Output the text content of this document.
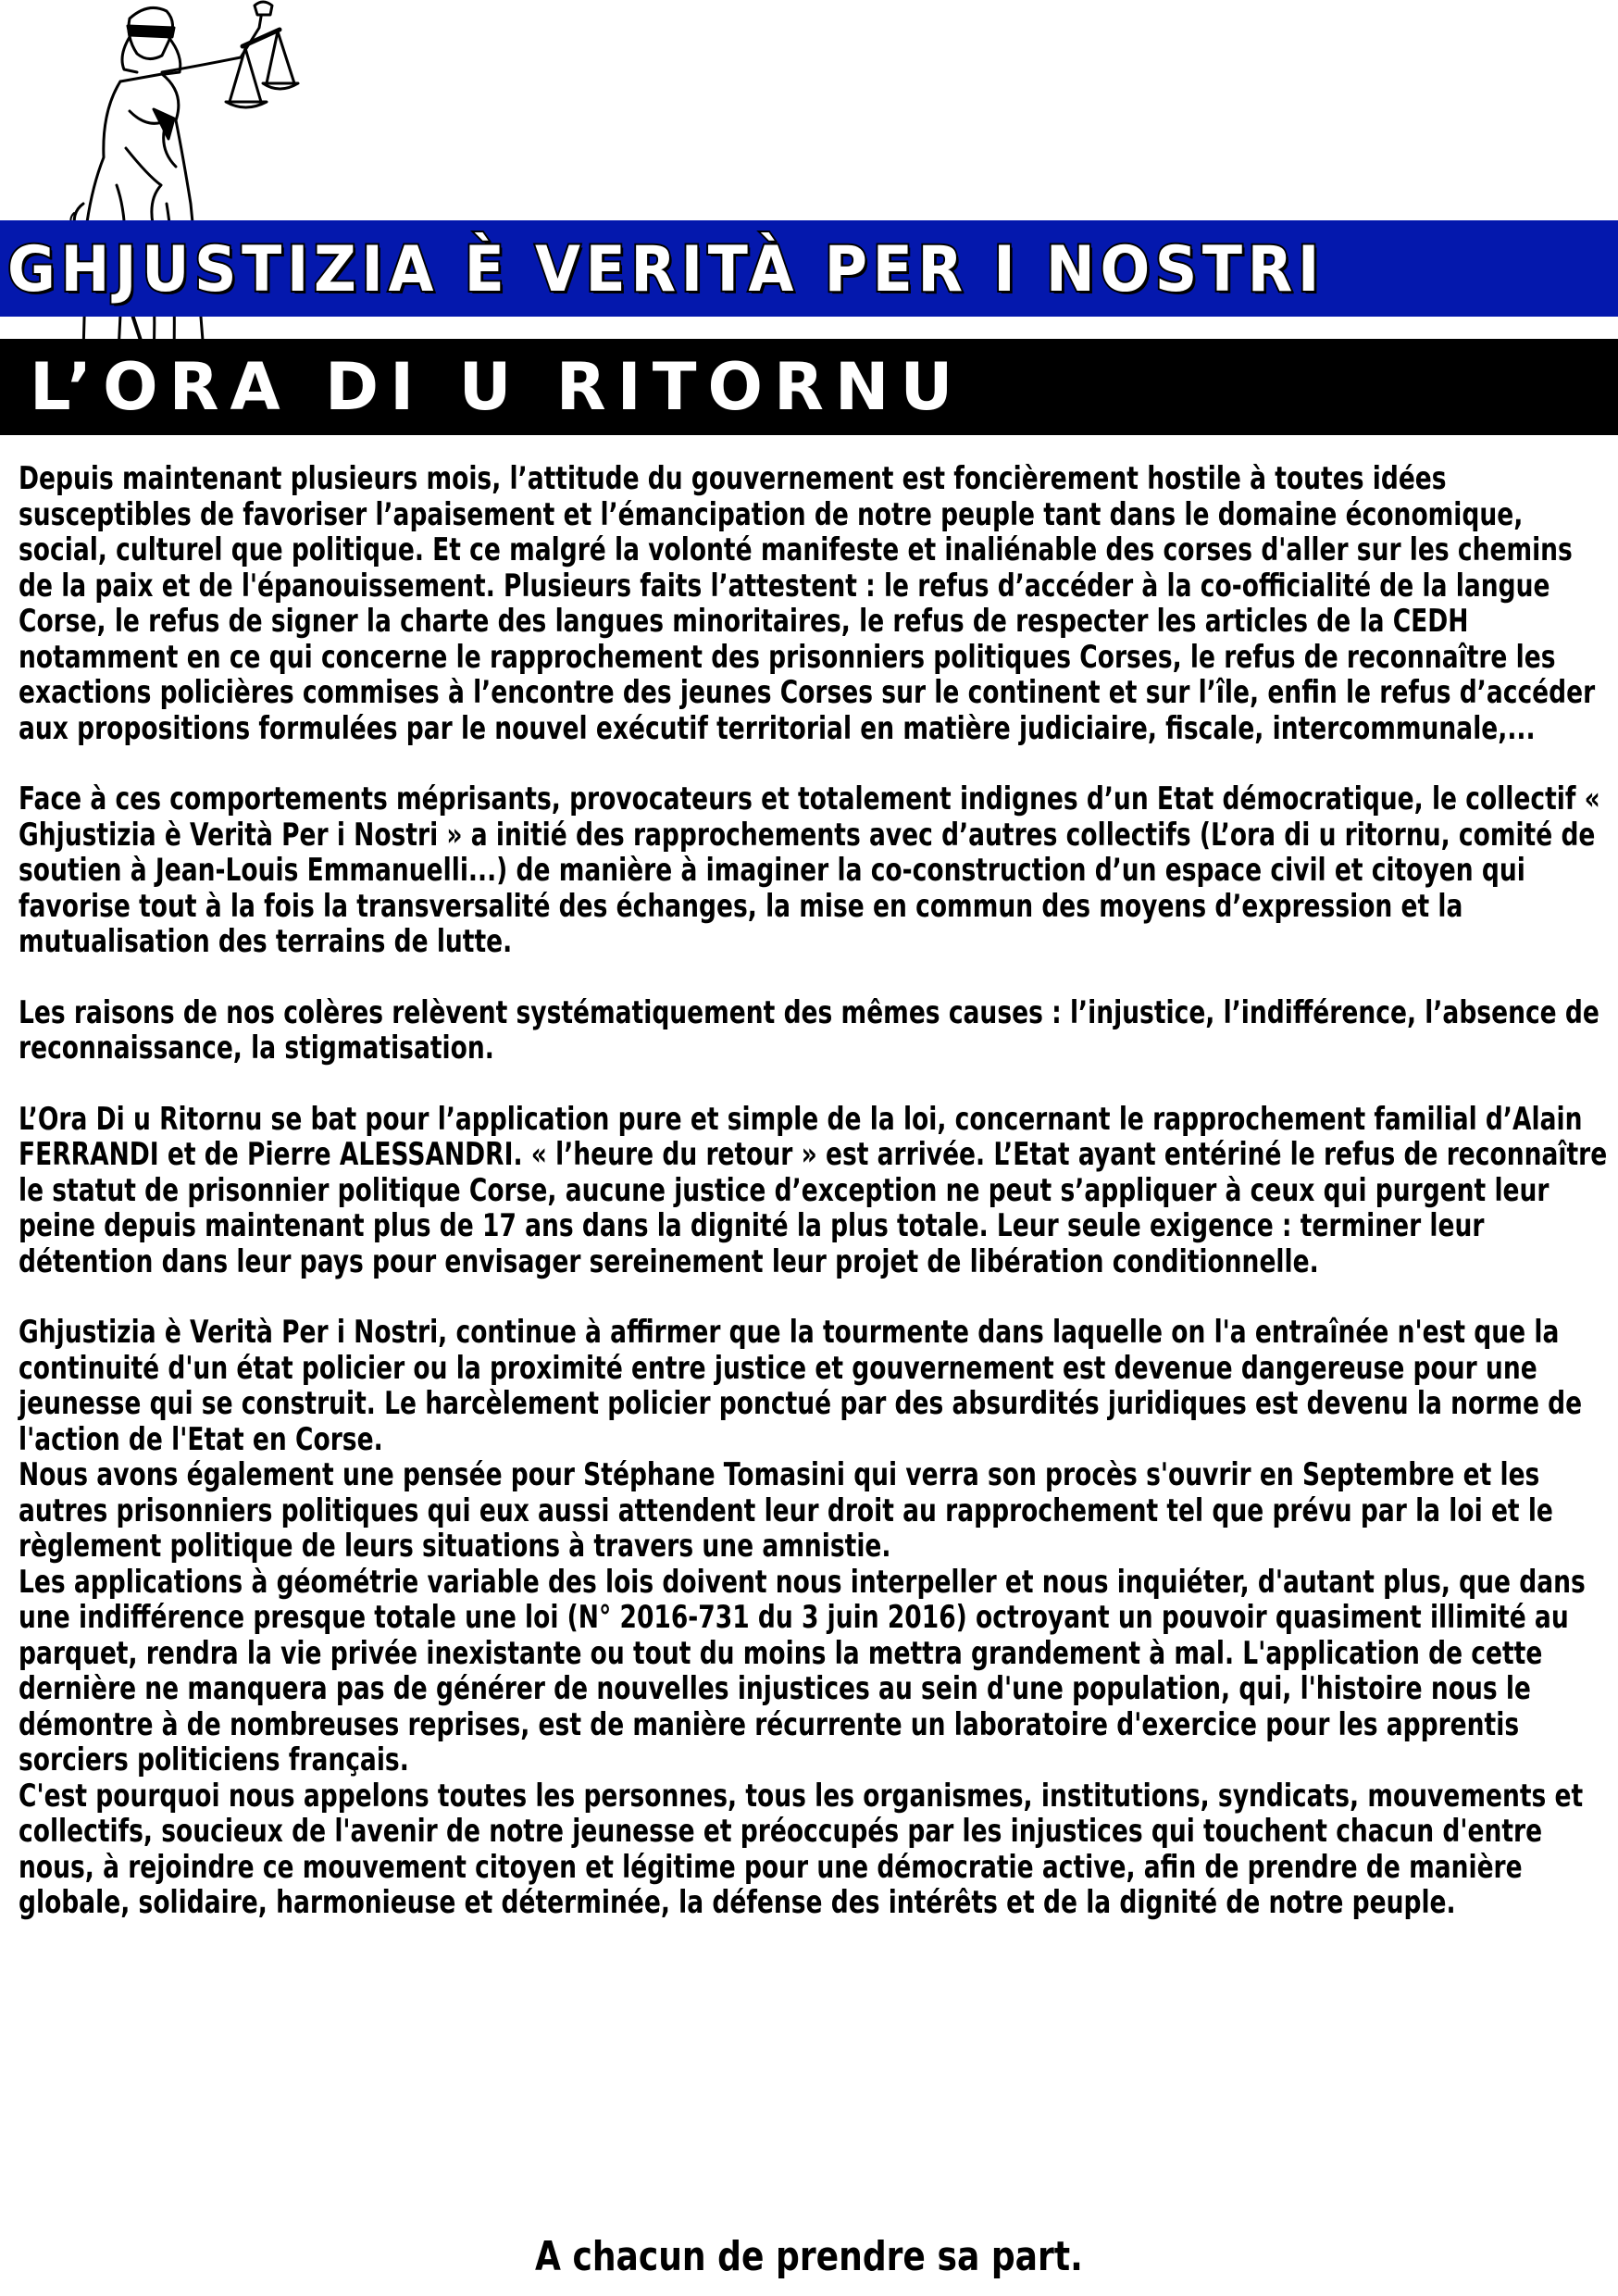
GHJUSTIZIA È VERITÀ PER I NOSTRI
L’ORA DI U RITORNU

Depuis maintenant plusieurs mois, l’attitude du gouvernement est foncièrement hostile à toutes idées susceptibles de favoriser l’apaisement et l’émancipation de notre peuple tant dans le domaine économique, social, culturel que politique. Et ce malgré la volonté manifeste et inaliénable des corses d'aller sur les chemins de la paix et de l'épanouissement. Plusieurs faits l’attestent : le refus d’accéder à la co-officialité de la langue Corse, le refus de signer la charte des langues minoritaires, le refus de respecter les articles de la CEDH notamment en ce qui concerne le rapprochement des prisonniers politiques Corses, le refus de reconnaître les exactions policières commises à l’encontre des jeunes Corses sur le continent et sur l’île, enfin le refus d’accéder aux propositions formulées par le nouvel exécutif territorial en matière judiciaire, fiscale, intercommunale,...

Face à ces comportements méprisants, provocateurs et totalement indignes d’un Etat démocratique, le collectif « Ghjustizia è Verità Per i Nostri » a initié des rapprochements avec d’autres collectifs (L’ora di u ritornu, comité de soutien à Jean-Louis Emmanuelli...) de manière à imaginer la co-construction d’un espace civil et citoyen qui favorise tout à la fois la transversalité des échanges, la mise en commun des moyens d’expression et la mutualisation des terrains de lutte.

Les raisons de nos colères relèvent systématiquement des mêmes causes : l’injustice, l’indifférence, l’absence de reconnaissance, la stigmatisation.

L’Ora Di u Ritornu se bat pour l’application pure et simple de la loi, concernant le rapprochement familial d’Alain FERRANDI et de Pierre ALESSANDRI. « l’heure du retour » est arrivée. L’Etat ayant entériné le refus de reconnaître le statut de prisonnier politique Corse, aucune justice d’exception ne peut s’appliquer à ceux qui purgent leur peine depuis maintenant plus de 17 ans dans la dignité la plus totale. Leur seule exigence : terminer leur détention dans leur pays pour envisager sereinement leur projet de libération conditionnelle.

Ghjustizia è Verità Per i Nostri, continue à affirmer que la tourmente dans laquelle on l'a entraînée n'est que la continuité d'un état policier ou la proximité entre justice et gouvernement est devenue dangereuse pour une jeunesse qui se construit. Le harcèlement policier ponctué par des absurdités juridiques est devenu la norme de l'action de l'Etat en Corse.

Nous avons également une pensée pour Stéphane Tomasini qui verra son procès s'ouvrir en Septembre et les autres prisonniers politiques qui eux aussi attendent leur droit au rapprochement tel que prévu par la loi et le règlement politique de leurs situations à travers une amnistie.

Les applications à géométrie variable des lois doivent nous interpeller et nous inquiéter, d'autant plus, que dans une indifférence presque totale une loi (N° 2016-731 du 3 juin 2016) octroyant un pouvoir quasiment illimité au parquet, rendra la vie privée inexistante ou tout du moins la mettra grandement à mal. L'application de cette dernière ne manquera pas de générer de nouvelles injustices au sein d'une population, qui, l'histoire nous le démontre à de nombreuses reprises, est de manière récurrente un laboratoire d'exercice pour les apprentis sorciers politiciens français.

C'est pourquoi nous appelons toutes les personnes, tous les organismes, institutions, syndicats, mouvements et collectifs, soucieux de l'avenir de notre jeunesse et préoccupés par les injustices qui touchent chacun d'entre nous, à rejoindre ce mouvement citoyen et légitime pour une démocratie active, afin de prendre de manière globale, solidaire, harmonieuse et déterminée, la défense des intérêts et de la dignité de notre peuple.

A chacun de prendre sa part.
